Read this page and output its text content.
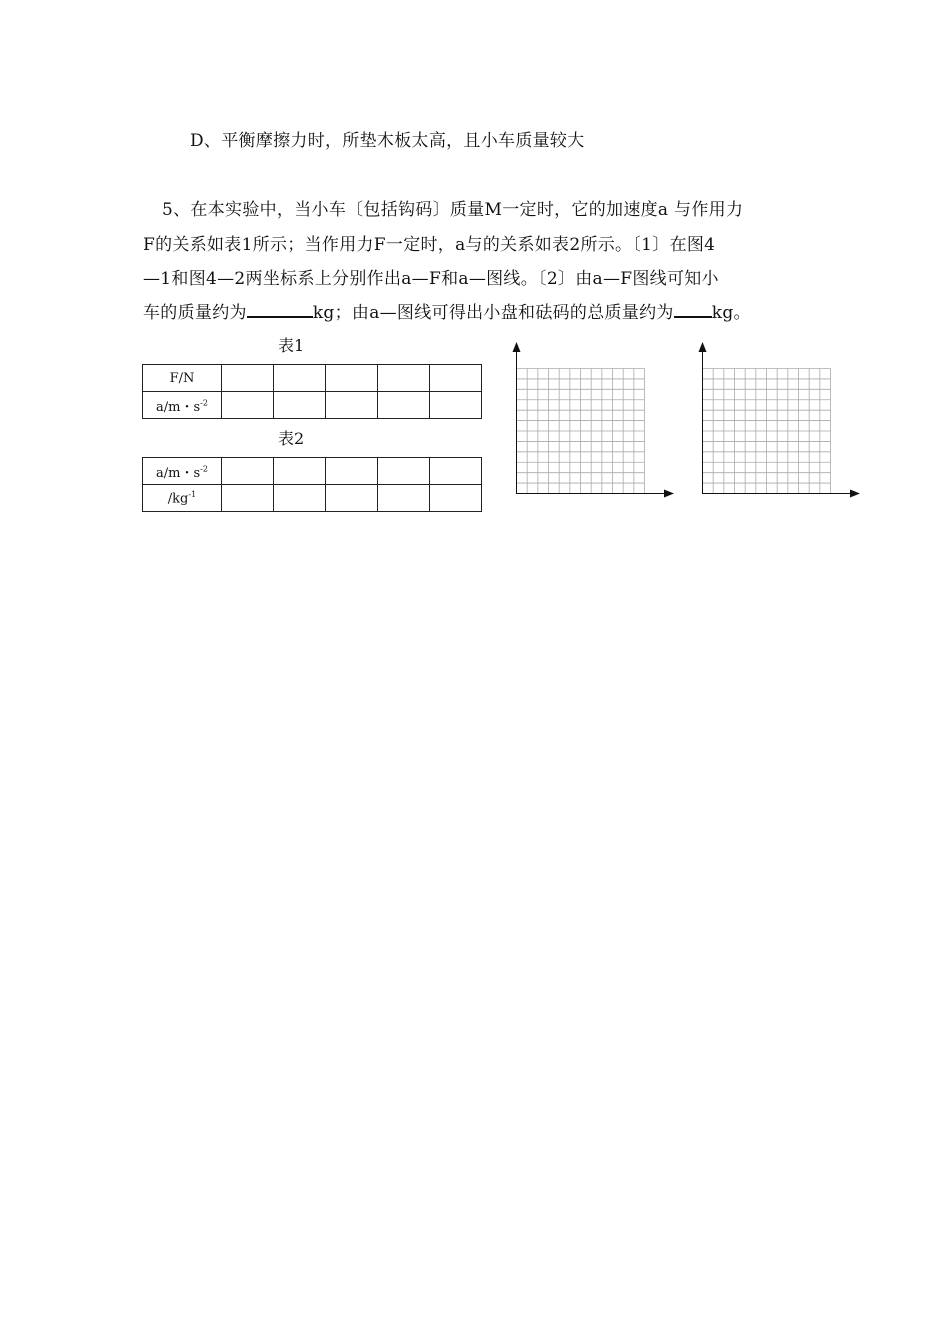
D、平衡摩擦力时，所垫木板太高，且小车质量较大
5、在本实验中，当小车〔包括钩码〕质量M一定时，它的加速度a 与作用力
F的关系如表1所示；当作用力F一定时，a与的关系如表2所示。〔1〕在图4
—1和图4—2两坐标系上分别作出a—F和a—图线。〔2〕由a—F图线可知小
车的质量约为	kg；由a—图线可得出小盘和砝码的总质量约为 kg。
表1
F/N					
a/m・$s^{-2}$					
表2
a/m・$s^{-2}$					
$/kg^{-1}$					
